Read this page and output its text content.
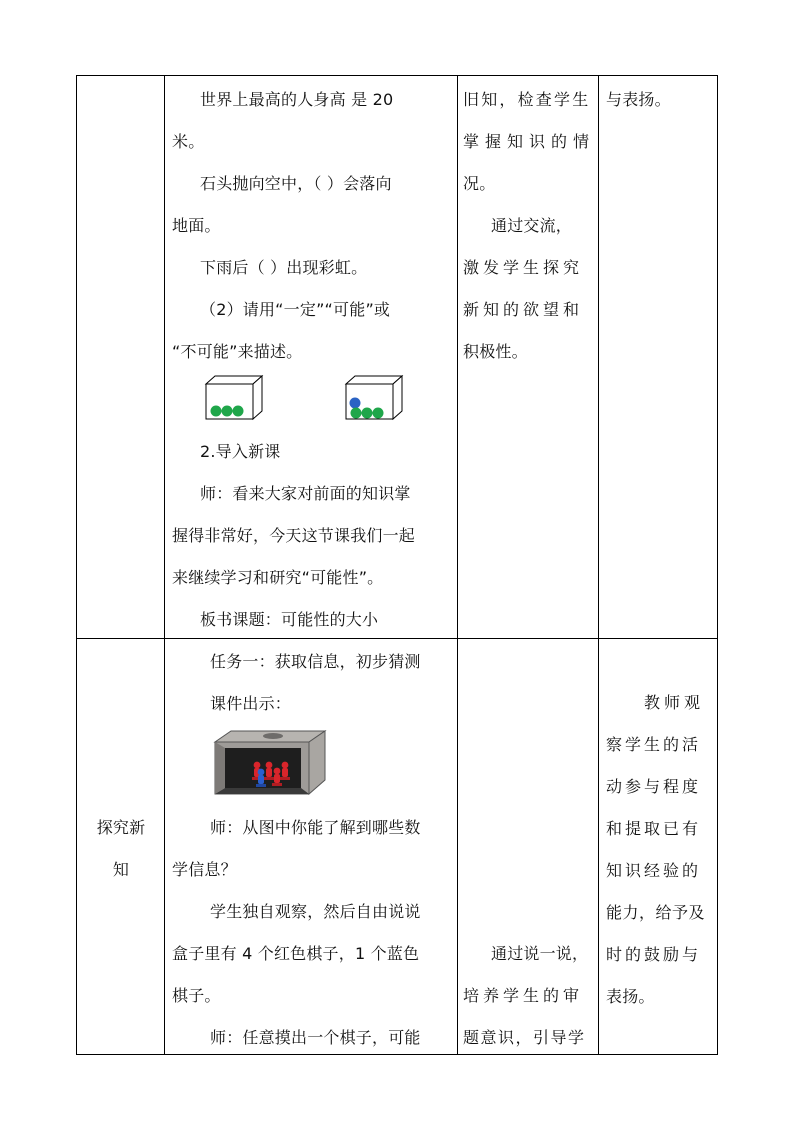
世界上最高的人身高 是 20
米。
石头抛向空中，（ ）会落向
地面。
下雨后（ ）出现彩虹。
（2）请用“一定”“可能”或
“不可能”来描述。
2.导入新课
师：看来大家对前面的知识掌
握得非常好，今天这节课我们一起
来继续学习和研究“可能性”。
板书课题：可能性的大小
旧知，检查学生
掌握知识的情
况。
通过交流，
激发学生探究
新知的欲望和
积极性。
与表扬。
探究新
知
任务一：获取信息，初步猜测
课件出示：
师：从图中你能了解到哪些数
学信息？
学生独自观察，然后自由说说
盒子里有 4 个红色棋子，1 个蓝色
棋子。
师：任意摸出一个棋子，可能
通过说一说，
培养学生的审
题意识，引导学
教师观
察学生的活
动参与程度
和提取已有
知识经验的
能力，给予及
时的鼓励与
表扬。
